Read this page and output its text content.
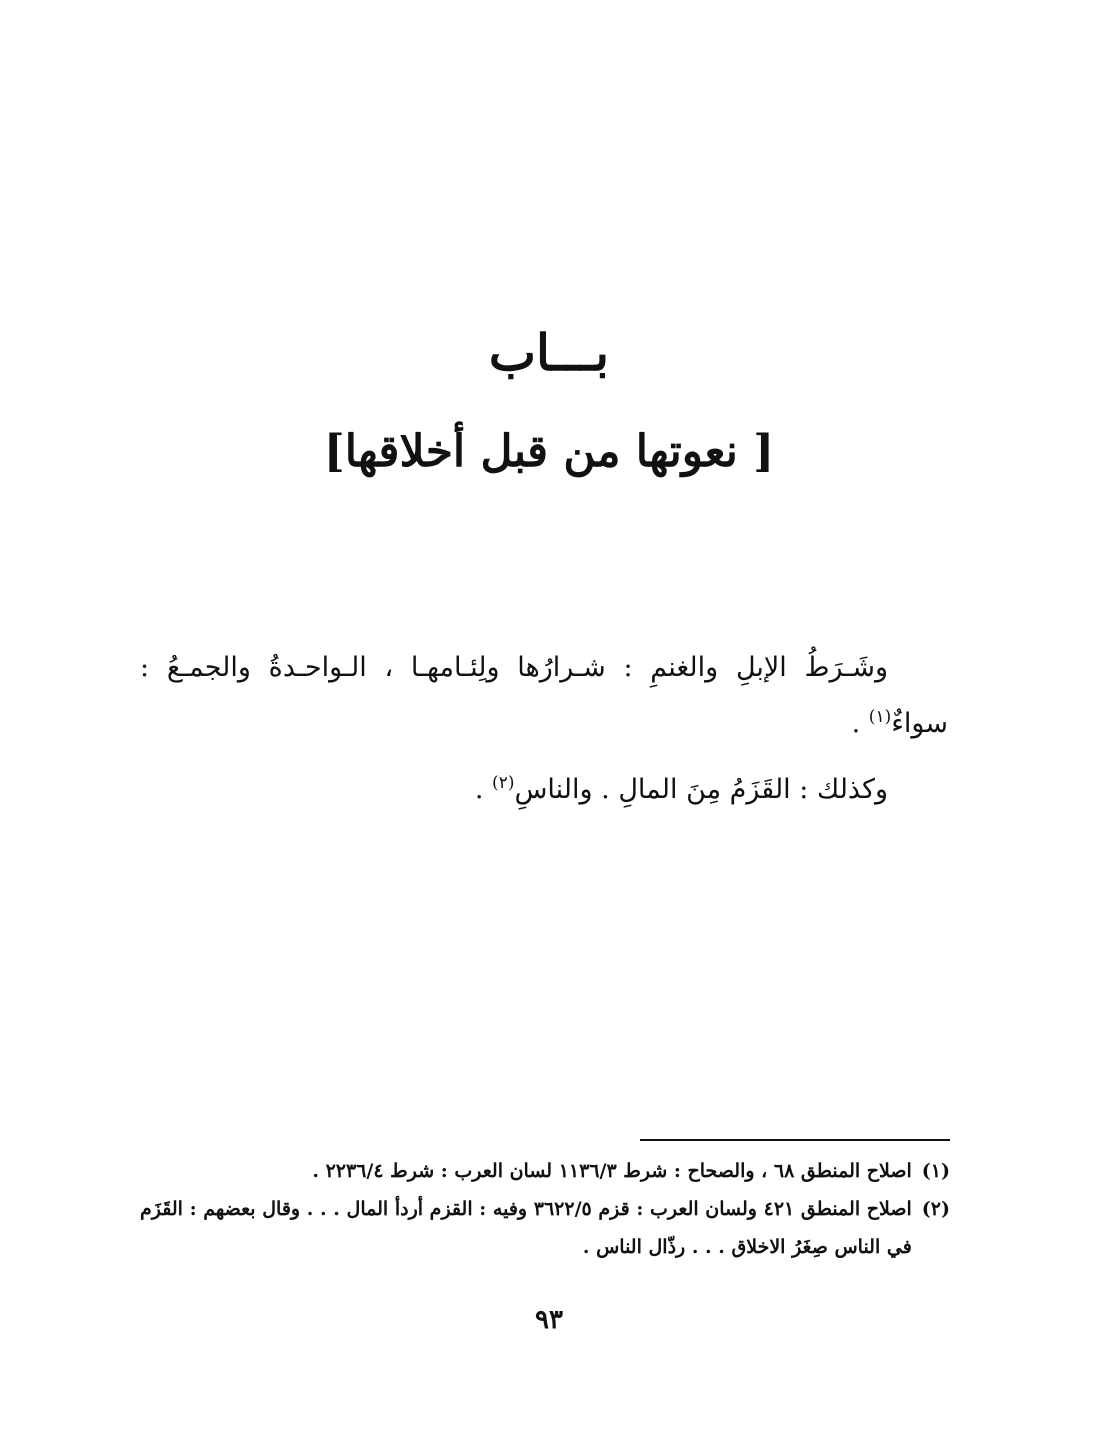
بـــاب
[ نعوتها من قبل أخلاقها]

وشَـرَطُ الإبلِ والغنمِ : شـرارُها ولِئـامهـا ، الـواحـدةُ والجمـعُ : سواءٌ$^{(١)}$ .

وكذلك : القَزَمُ مِنَ المالِ . والناسِ$^{(٢)}$ .

(١)
اصلاح المنطق ٦٨ ، والصحاح : شرط ١١٣٦/٣ لسان العرب : شرط ٢٢٣٦/٤ .
(٢)
اصلاح المنطق ٤٢١ ولسان العرب : قزم ٣٦٢٢/٥ وفيه : القزم أردأ المال . . . وقال بعضهم : القَزَم في الناس صِغَرُ الاخلاق . . . رذّال الناس .
٩٣
